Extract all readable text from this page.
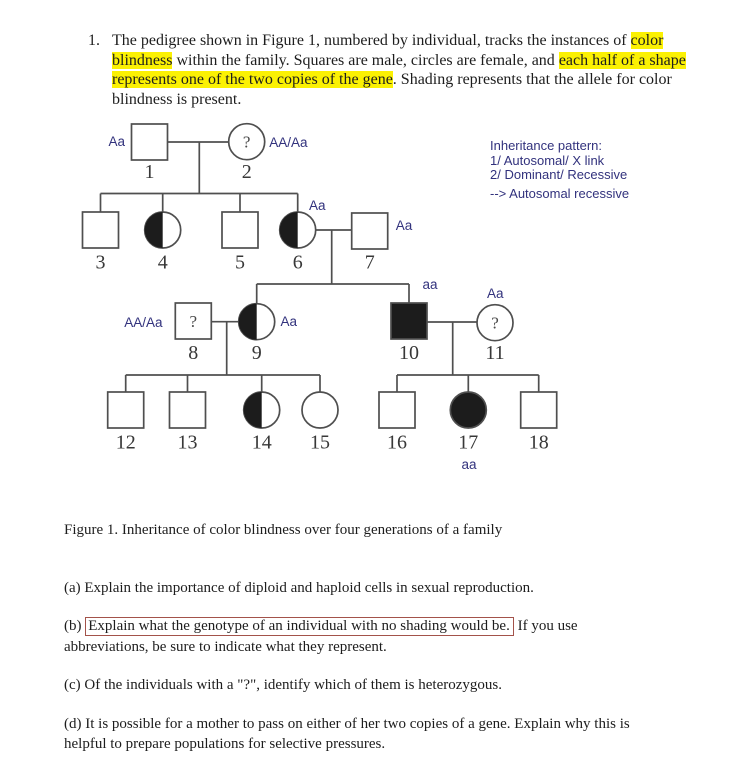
1. The pedigree shown in Figure 1, numbered by individual, tracks the instances of color
blindness within the family. Squares are male, circles are female, and each half of a shape
represents one of the two copies of the gene. Shading represents that the allele for color
blindness is present.
1
Aa	?
2
AA/Aa
3	4	5 6
Aa
7
Aa
?
8
AA/Aa
9
Aa
10
aa
?
11
Aa
12 13	14 15	16	17
aa
18
Inheritance pattern:
1/ Autosomal/ X link
2/ Dominant/ Recessive
--> Autosomal recessive
Figure 1. Inheritance of color blindness over four generations of a family
(a) Explain the importance of diploid and haploid cells in sexual reproduction.
(b) Explain what the genotype of an individual with no shading would be. If you use
abbreviations, be sure to indicate what they represent.
(c) Of the individuals with a "?", identify which of them is heterozygous.
(d) It is possible for a mother to pass on either of her two copies of a gene. Explain why this is
helpful to prepare populations for selective pressures.
